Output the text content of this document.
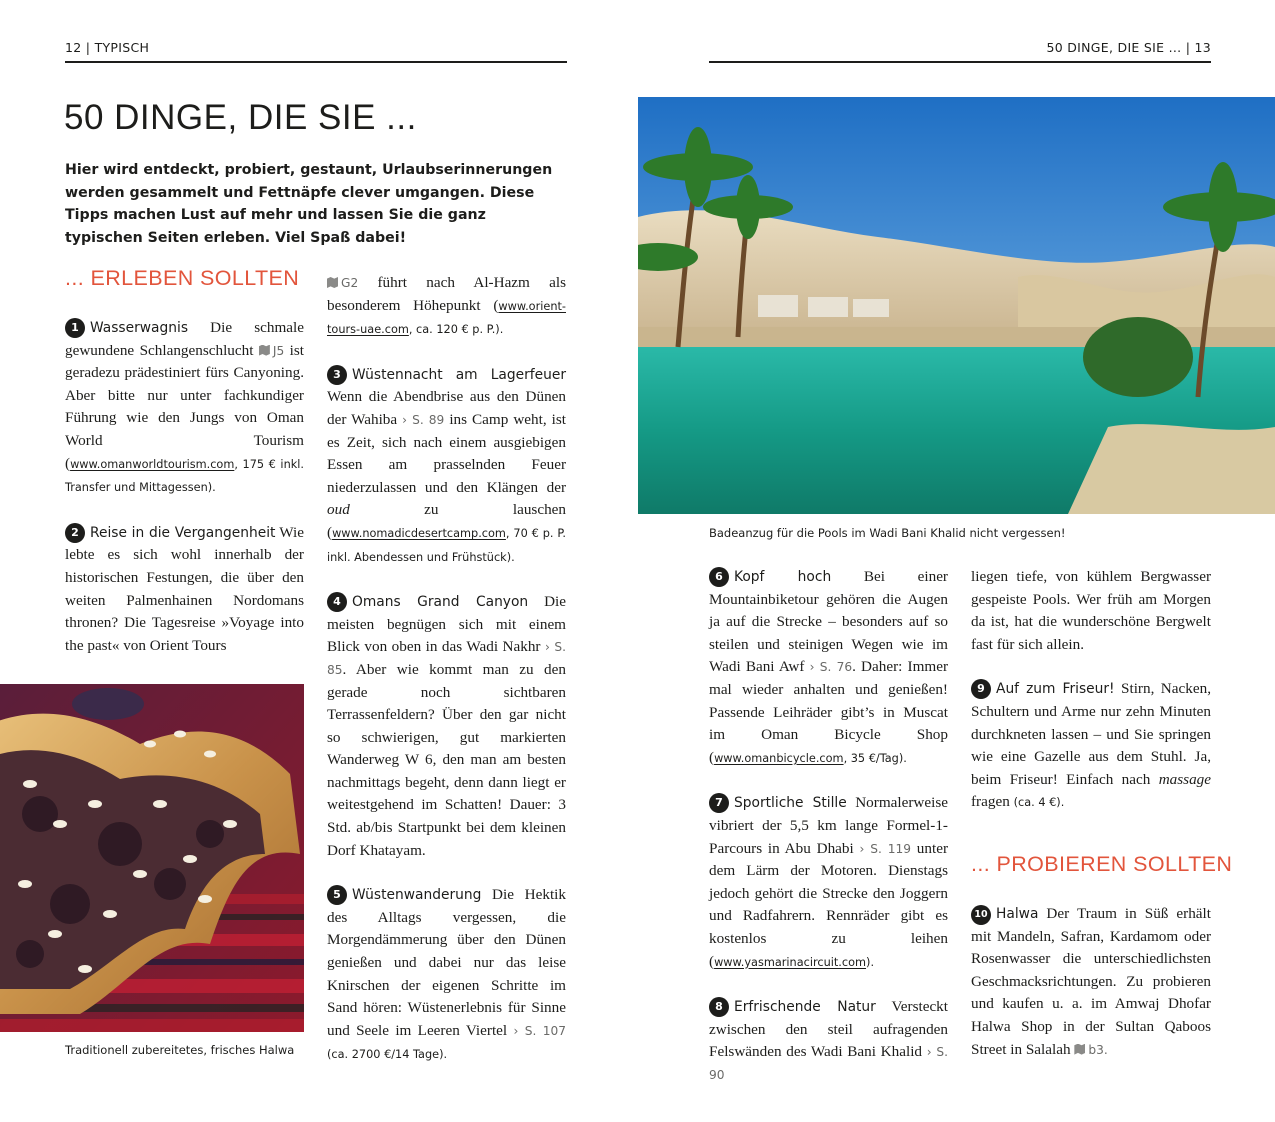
12 | TYPISCH	50 DINGE, DIE SIE ... | 13
50 DINGE, DIE SIE ...
Hier wird entdeckt, probiert, gestaunt, Urlaubserinnerungen werden gesammelt und Fettnäpfe clever umgangen. Diese Tipps machen Lust auf mehr und lassen Sie die ganz typischen Seiten erleben. Viel Spaß dabei!
... ERLEBEN SOLLTEN
1 Wasserwagnis Die schmale gewundene Schlangenschlucht J5 ist geradezu prädestiniert fürs Canyoning. Aber bitte nur unter fachkundiger Führung wie den Jungs von Oman World Tourism (www.omanworldtourism.com, 175 € inkl. Transfer und Mittagessen).
2 Reise in die Vergangenheit Wie lebte es sich wohl innerhalb der historischen Festungen, die über den weiten Palmenhainen Nordomans thronen? Die Tagesreise »Voyage into the past« von Orient Tours
Traditionell zubereitetes, frisches Halwa
G2 führt nach Al-Hazm als besonderem Höhepunkt (www.orient-tours-uae.com, ca. 120 € p. P.).
3 Wüstennacht am Lagerfeuer Wenn die Abendbrise aus den Dünen der Wahiba › S. 89 ins Camp weht, ist es Zeit, sich nach einem ausgiebigen Essen am prasselnden Feuer niederzulassen und den Klängen der oud zu lauschen (www.nomadicdesertcamp.com, 70 € p. P. inkl. Abendessen und Frühstück).
4 Omans Grand Canyon Die meisten begnügen sich mit einem Blick von oben in das Wadi Nakhr › S. 85. Aber wie kommt man zu den gerade noch sichtbaren Terrassenfeldern? Über den gar nicht so schwierigen, gut markierten Wanderweg W 6, den man am besten nachmittags begeht, denn dann liegt er weitestgehend im Schatten! Dauer: 3 Std. ab/bis Startpunkt bei dem kleinen Dorf Khatayam.
5 Wüstenwanderung Die Hektik des Alltags vergessen, die Morgendämmerung über den Dünen genießen und dabei nur das leise Knirschen der eigenen Schritte im Sand hören: Wüstenerlebnis für Sinne und Seele im Leeren Viertel › S. 107 (ca. 2700 €/14 Tage).
Badeanzug für die Pools im Wadi Bani Khalid nicht vergessen!
6 Kopf hoch Bei einer Mountainbiketour gehören die Augen ja auf die Strecke – besonders auf so steilen und steinigen Wegen wie im Wadi Bani Awf › S. 76. Daher: Immer mal wieder anhalten und genießen! Passende Leihräder gibt’s in Muscat im Oman Bicycle Shop (www.omanbicycle.com, 35 €/Tag).
7 Sportliche Stille Normalerweise vibriert der 5,5 km lange Formel-1-Parcours in Abu Dhabi › S. 119 unter dem Lärm der Motoren. Dienstags jedoch gehört die Strecke den Joggern und Radfahrern. Rennräder gibt es kostenlos zu leihen (www.yasmarinacircuit.com).
8 Erfrischende Natur Versteckt zwischen den steil aufragenden Felswänden des Wadi Bani Khalid › S. 90
liegen tiefe, von kühlem Bergwasser gespeiste Pools. Wer früh am Morgen da ist, hat die wunderschöne Bergwelt fast für sich allein.
9 Auf zum Friseur! Stirn, Nacken, Schultern und Arme nur zehn Minuten durchkneten lassen – und Sie springen wie eine Gazelle aus dem Stuhl. Ja, beim Friseur! Einfach nach massage fragen (ca. 4 €).
... PROBIEREN SOLLTEN
10 Halwa Der Traum in Süß erhält mit Mandeln, Safran, Kardamom oder Rosenwasser die unterschiedlichsten Geschmacksrichtungen. Zu probieren und kaufen u. a. im Amwaj Dhofar Halwa Shop in der Sultan Qaboos Street in Salalah b3.
